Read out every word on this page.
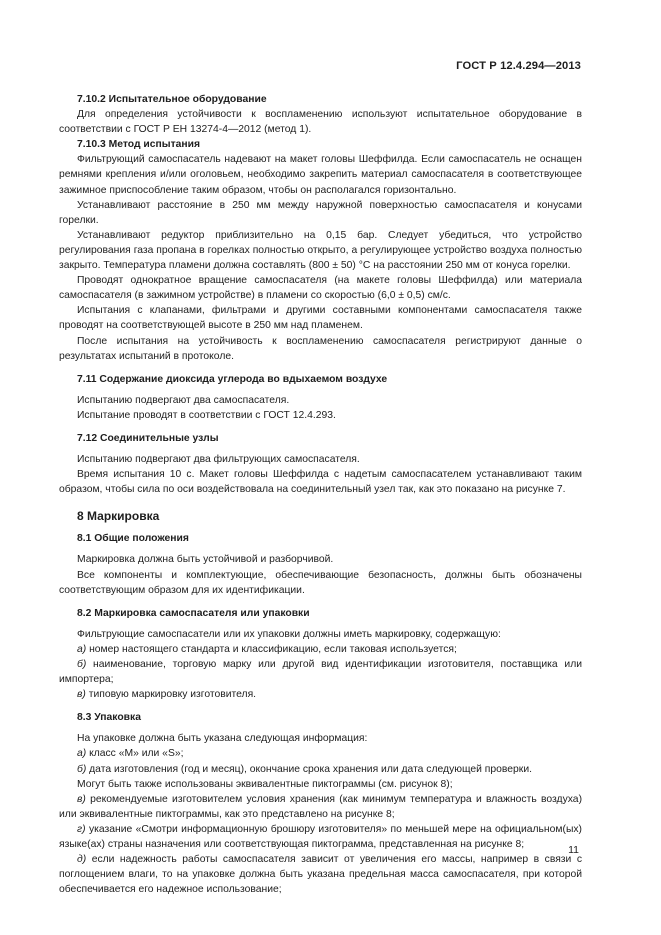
ГОСТ Р 12.4.294—2013

7.10.2 Испытательное оборудование

Для определения устойчивости к воспламенению используют испытательное оборудование в соответствии с ГОСТ Р ЕН 13274-4—2012 (метод 1).

7.10.3 Метод испытания

Фильтрующий самоспасатель надевают на макет головы Шеффилда. Если самоспасатель не оснащен ремнями крепления и/или оголовьем, необходимо закрепить материал самоспасателя в соответствующее зажимное приспособление таким образом, чтобы он располагался горизонтально.

Устанавливают расстояние в 250 мм между наружной поверхностью самоспасателя и конусами горелки.

Устанавливают редуктор приблизительно на 0,15 бар. Следует убедиться, что устройство регулирования газа пропана в горелках полностью открыто, а регулирующее устройство воздуха полностью закрыто. Температура пламени должна составлять (800 ± 50) °С на расстоянии 250 мм от конуса горелки.

Проводят однократное вращение самоспасателя (на макете головы Шеффилда) или материала самоспасателя (в зажимном устройстве) в пламени со скоростью (6,0 ± 0,5) см/с.

Испытания с клапанами, фильтрами и другими составными компонентами самоспасателя также проводят на соответствующей высоте в 250 мм над пламенем.

После испытания на устойчивость к воспламенению самоспасателя регистрируют данные о результатах испытаний в протоколе.

7.11 Содержание диоксида углерода во вдыхаемом воздухе

Испытанию подвергают два самоспасателя.

Испытание проводят в соответствии с ГОСТ 12.4.293.

7.12 Соединительные узлы

Испытанию подвергают два фильтрующих самоспасателя.

Время испытания 10 с. Макет головы Шеффилда с надетым самоспасателем устанавливают таким образом, чтобы сила по оси воздействовала на соединительный узел так, как это показано на рисунке 7.

8 Маркировка

8.1 Общие положения

Маркировка должна быть устойчивой и разборчивой.

Все компоненты и комплектующие, обеспечивающие безопасность, должны быть обозначены соответствующим образом для их идентификации.

8.2 Маркировка самоспасателя или упаковки

Фильтрующие самоспасатели или их упаковки должны иметь маркировку, содержащую:

а) номер настоящего стандарта и классификацию, если таковая используется;

б) наименование, торговую марку или другой вид идентификации изготовителя, поставщика или импортера;

в) типовую маркировку изготовителя.

8.3 Упаковка

На упаковке должна быть указана следующая информация:

а) класс «М» или «S»;

б) дата изготовления (год и месяц), окончание срока хранения или дата следующей проверки.

Могут быть также использованы эквивалентные пиктограммы (см. рисунок 8);

в) рекомендуемые изготовителем условия хранения (как минимум температура и влажность воздуха) или эквивалентные пиктограммы, как это представлено на рисунке 8;

г) указание «Смотри информационную брошюру изготовителя» по меньшей мере на официальном(ых) языке(ах) страны назначения или соответствующая пиктограмма, представленная на рисунке 8;

д) если надежность работы самоспасателя зависит от увеличения его массы, например в связи с поглощением влаги, то на упаковке должна быть указана предельная масса самоспасателя, при которой обеспечивается его надежное использование;

11
